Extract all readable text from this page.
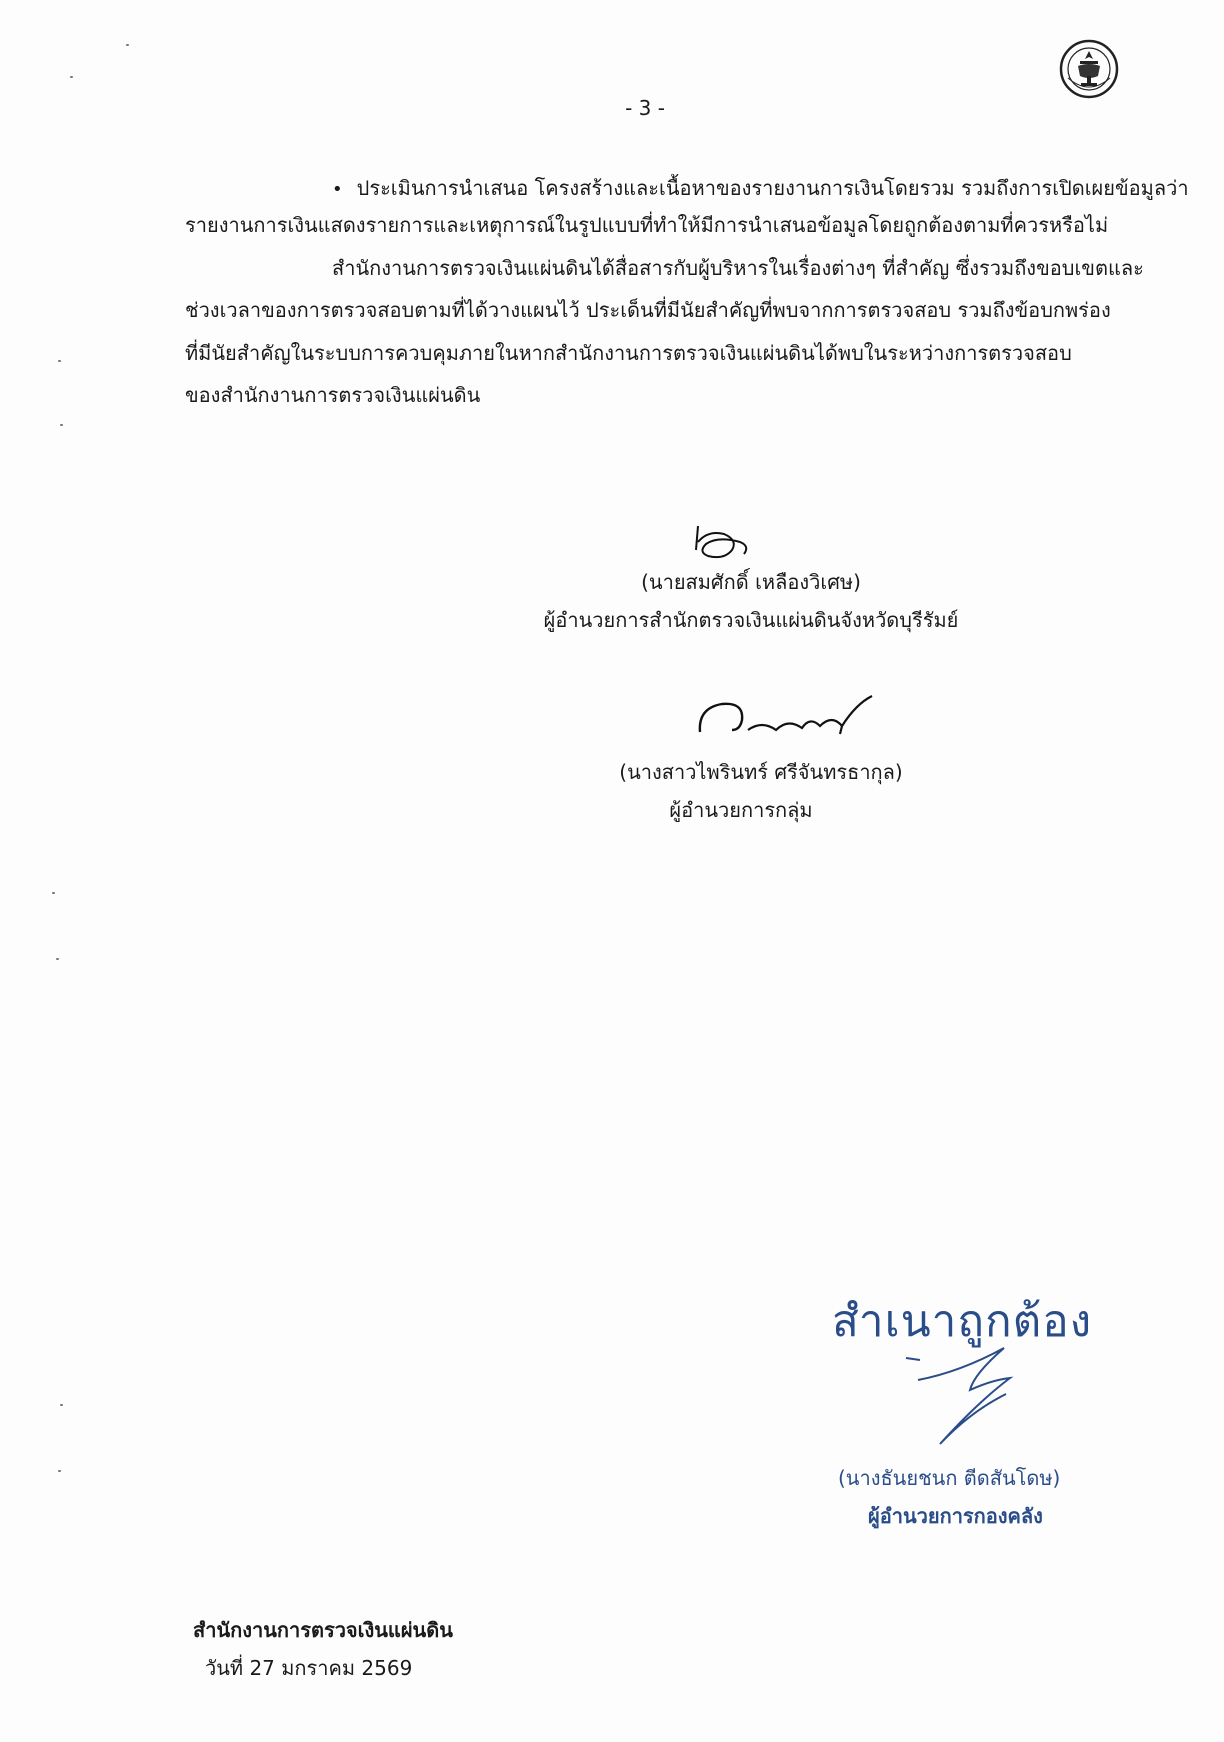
- 3 -
• ประเมินการนำเสนอ โครงสร้างและเนื้อหาของรายงานการเงินโดยรวม รวมถึงการเปิดเผยข้อมูลว่า
รายงานการเงินแสดงรายการและเหตุการณ์ในรูปแบบที่ทำให้มีการนำเสนอข้อมูลโดยถูกต้องตามที่ควรหรือไม่
สำนักงานการตรวจเงินแผ่นดินได้สื่อสารกับผู้บริหารในเรื่องต่างๆ ที่สำคัญ ซึ่งรวมถึงขอบเขตและ
ช่วงเวลาของการตรวจสอบตามที่ได้วางแผนไว้ ประเด็นที่มีนัยสำคัญที่พบจากการตรวจสอบ รวมถึงข้อบกพร่อง
ที่มีนัยสำคัญในระบบการควบคุมภายในหากสำนักงานการตรวจเงินแผ่นดินได้พบในระหว่างการตรวจสอบ
ของสำนักงานการตรวจเงินแผ่นดิน
(นายสมศักดิ์ เหลืองวิเศษ)
ผู้อำนวยการสำนักตรวจเงินแผ่นดินจังหวัดบุรีรัมย์
(นางสาวไพรินทร์ ศรีจันทรธากุล)
ผู้อำนวยการกลุ่ม
สำเนาถูกต้อง
(นางธันยชนก ตีดสันโดษ)
ผู้อำนวยการกองคลัง
สำนักงานการตรวจเงินแผ่นดิน
วันที่ 27 มกราคม 2569
